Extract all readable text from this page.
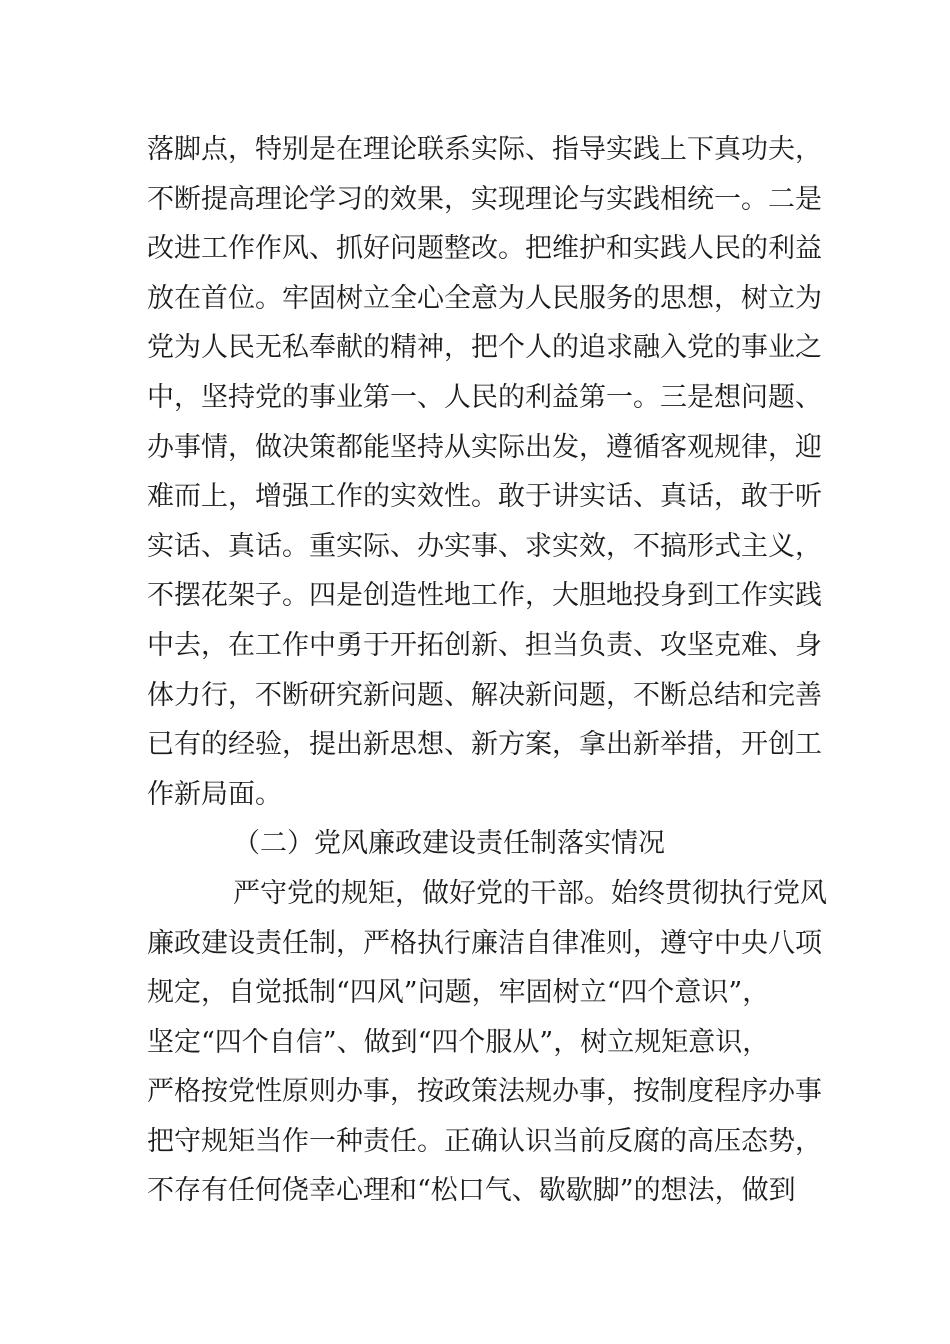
落脚点，特别是在理论联系实际、指导实践上下真功夫，
不断提高理论学习的效果，实现理论与实践相统一。二是
改进工作作风、抓好问题整改。把维护和实践人民的利益
放在首位。牢固树立全心全意为人民服务的思想，树立为
党为人民无私奉献的精神，把个人的追求融入党的事业之
中，坚持党的事业第一、人民的利益第一。三是想问题、
办事情，做决策都能坚持从实际出发，遵循客观规律，迎
难而上，增强工作的实效性。敢于讲实话、真话，敢于听
实话、真话。重实际、办实事、求实效，不搞形式主义，
不摆花架子。四是创造性地工作，大胆地投身到工作实践
中去，在工作中勇于开拓创新、担当负责、攻坚克难、身
体力行，不断研究新问题、解决新问题，不断总结和完善
已有的经验，提出新思想、新方案，拿出新举措，开创工
作新局面。
（二）党风廉政建设责任制落实情况
严守党的规矩，做好党的干部。始终贯彻执行党风
廉政建设责任制，严格执行廉洁自律准则，遵守中央八项
规定，自觉抵制“四风”问题，牢固树立“四个意识”，
坚定“四个自信”、做到“四个服从”，树立规矩意识，
严格按党性原则办事，按政策法规办事，按制度程序办事
把守规矩当作一种责任。正确认识当前反腐的高压态势，
不存有任何侥幸心理和“松口气、歇歇脚”的想法，做到
